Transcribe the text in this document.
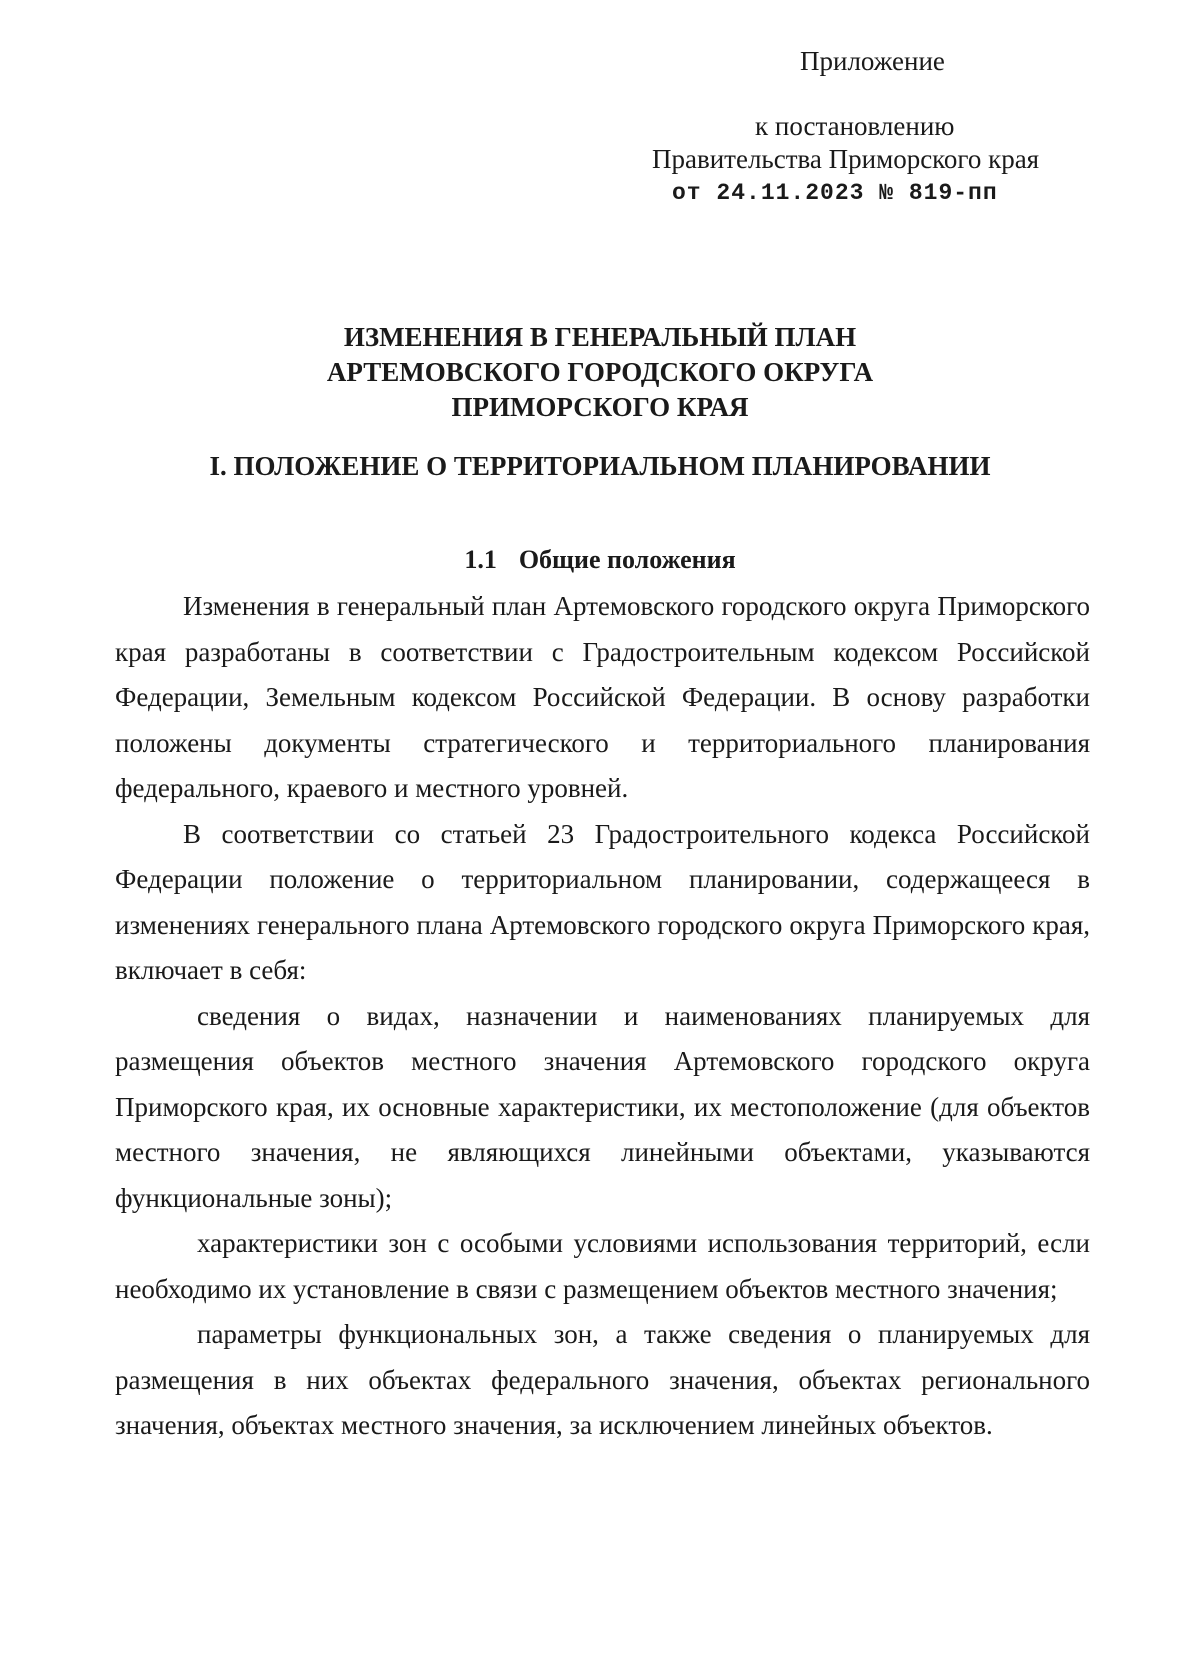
Приложение
к постановлению
Правительства Приморского края
от 24.11.2023 № 819-пп
ИЗМЕНЕНИЯ В ГЕНЕРАЛЬНЫЙ ПЛАН
АРТЕМОВСКОГО ГОРОДСКОГО ОКРУГА
ПРИМОРСКОГО КРАЯ
I. ПОЛОЖЕНИЕ О ТЕРРИТОРИАЛЬНОМ ПЛАНИРОВАНИИ
1.1 Общие положения

Изменения в генеральный план Артемовского городского округа Приморского края разработаны в соответствии с Градостроительным кодексом Российской Федерации, Земельным кодексом Российской Федерации. В основу разработки положены документы стратегического и территориального планирования федерального, краевого и местного уровней.

В соответствии со статьей 23 Градостроительного кодекса Российской Федерации положение о территориальном планировании, содержащееся в изменениях генерального плана Артемовского городского округа Приморского края, включает в себя:

сведения о видах, назначении и наименованиях планируемых для размещения объектов местного значения Артемовского городского округа Приморского края, их основные характеристики, их местоположение (для объектов местного значения, не являющихся линейными объектами, указываются функциональные зоны);

характеристики зон с особыми условиями использования территорий, если необходимо их установление в связи с размещением объектов местного значения;

параметры функциональных зон, а также сведения о планируемых для размещения в них объектах федерального значения, объектах регионального значения, объектах местного значения, за исключением линейных объектов.
